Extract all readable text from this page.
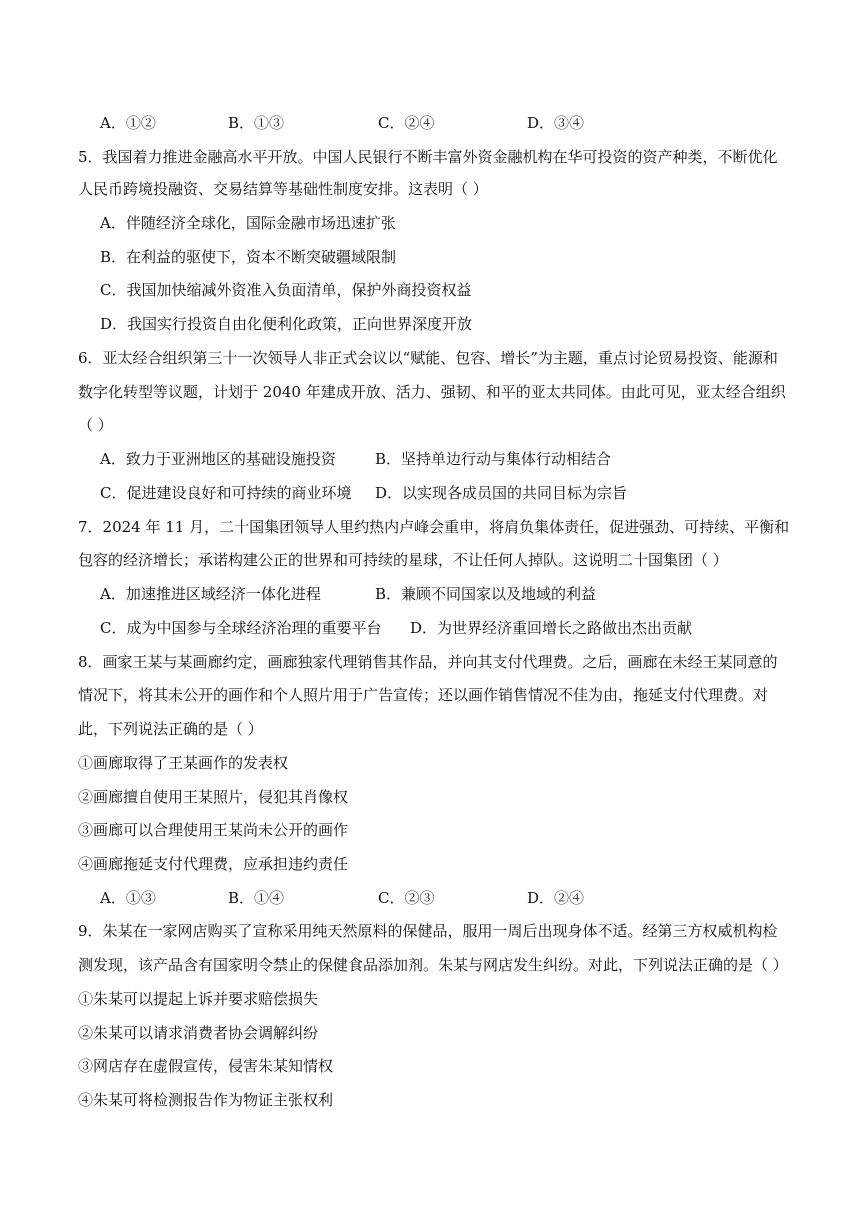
A．①②	B．①③	C．②④	D．③④
5．我国着力推进金融高水平开放。中国人民银行不断丰富外资金融机构在华可投资的资产种类，不断优化
人民币跨境投融资、交易结算等基础性制度安排。这表明（ ）
A．伴随经济全球化，国际金融市场迅速扩张
B．在利益的驱使下，资本不断突破疆域限制
C．我国加快缩减外资准入负面清单，保护外商投资权益
D．我国实行投资自由化便利化政策，正向世界深度开放
6．亚太经合组织第三十一次领导人非正式会议以“赋能、包容、增长”为主题，重点讨论贸易投资、能源和
数字化转型等议题，计划于 2040 年建成开放、活力、强韧、和平的亚太共同体。由此可见，亚太经合组织
（ ）
A．致力于亚洲地区的基础设施投资	B．坚持单边行动与集体行动相结合
C．促进建设良好和可持续的商业环境 D．以实现各成员国的共同目标为宗旨
7．2024 年 11 月，二十国集团领导人里约热内卢峰会重申，将肩负集体责任，促进强劲、可持续、平衡和
包容的经济增长；承诺构建公正的世界和可持续的星球，不让任何人掉队。这说明二十国集团（ ）
A．加速推进区域经济一体化进程	B．兼顾不同国家以及地域的利益
C．成为中国参与全球经济治理的重要平台 D．为世界经济重回增长之路做出杰出贡献
8．画家王某与某画廊约定，画廊独家代理销售其作品，并向其支付代理费。之后，画廊在未经王某同意的
情况下，将其未公开的画作和个人照片用于广告宣传；还以画作销售情况不佳为由，拖延支付代理费。对
此，下列说法正确的是（ ）
①画廊取得了王某画作的发表权
②画廊擅自使用王某照片，侵犯其肖像权
③画廊可以合理使用王某尚未公开的画作
④画廊拖延支付代理费，应承担违约责任
A．①③	B．①④	C．②③	D．②④
9．朱某在一家网店购买了宣称采用纯天然原料的保健品，服用一周后出现身体不适。经第三方权威机构检
测发现，该产品含有国家明令禁止的保健食品添加剂。朱某与网店发生纠纷。对此，下列说法正确的是（ ）
①朱某可以提起上诉并要求赔偿损失
②朱某可以请求消费者协会调解纠纷
③网店存在虚假宣传，侵害朱某知情权
④朱某可将检测报告作为物证主张权利
